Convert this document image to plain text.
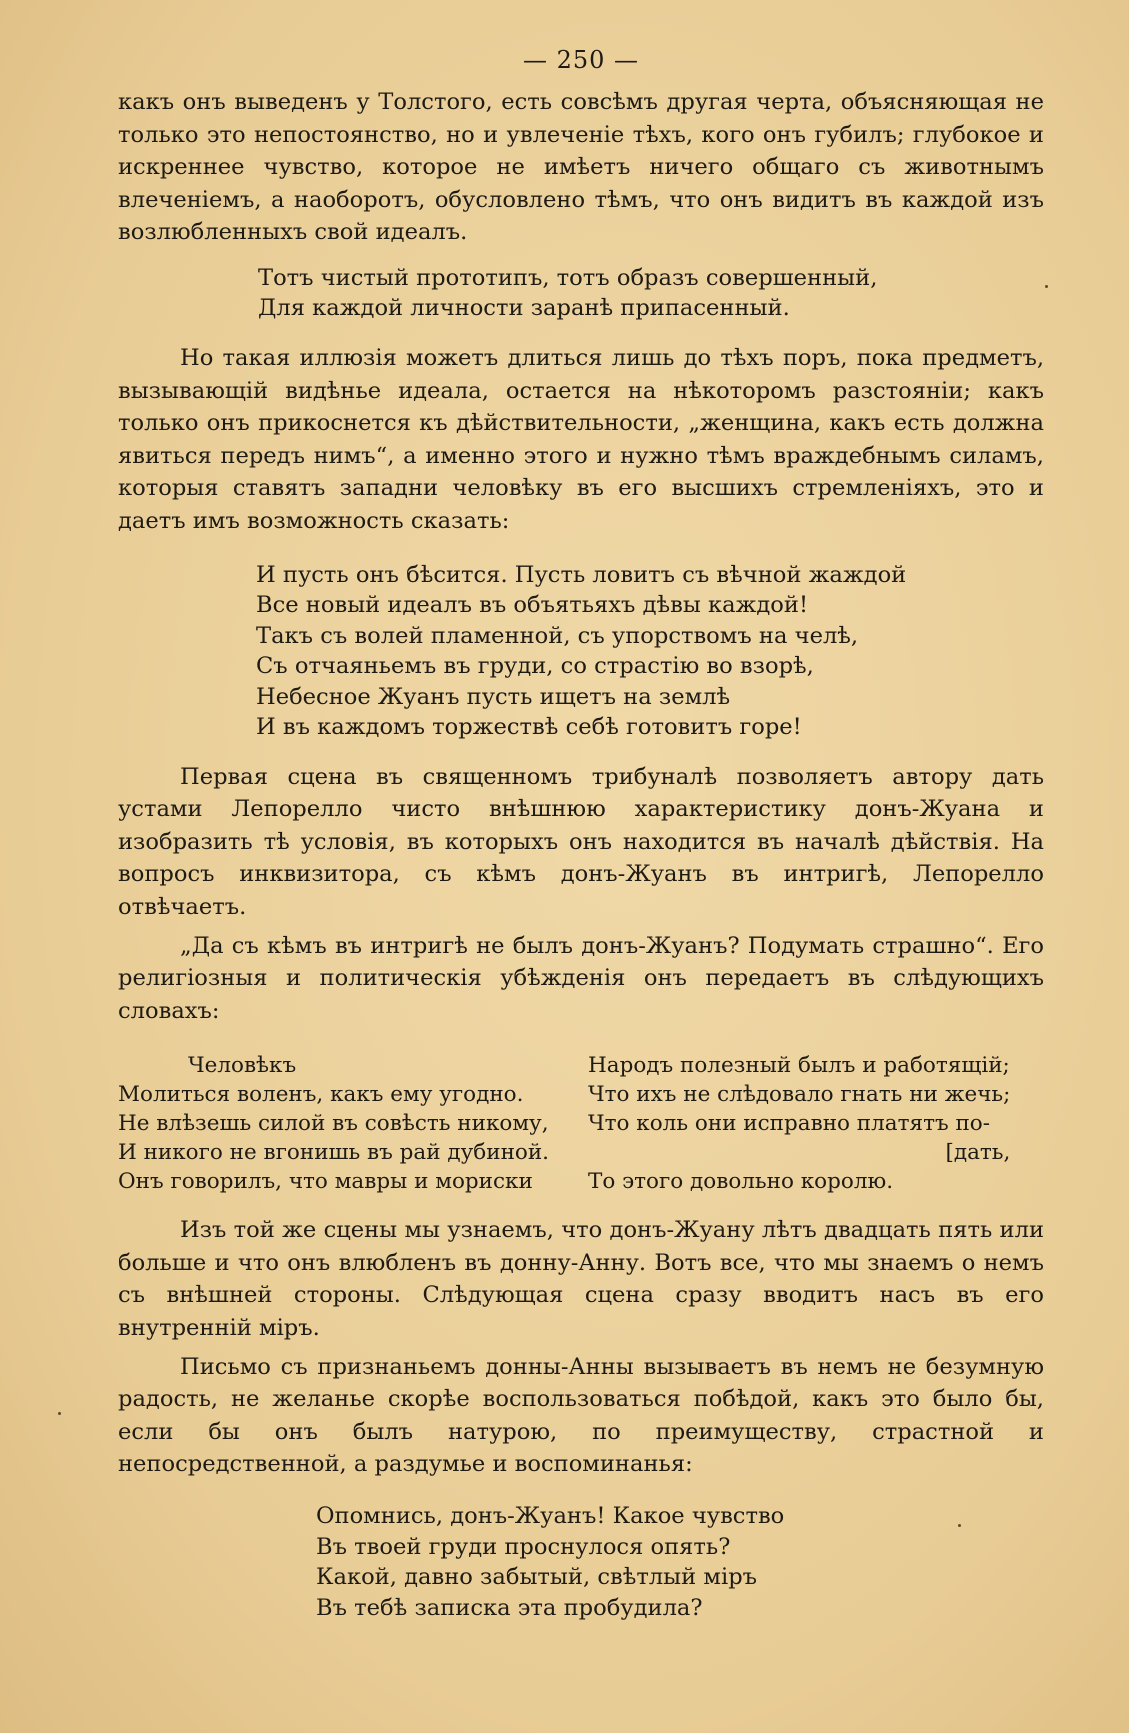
— 250 —

какъ онъ выведенъ у Толстого, есть совсѣмъ другая черта, объясняющая не только это непостоянство, но и увлеченіе тѣхъ, кого онъ губилъ; глубокое и искреннее чувство, которое не имѣетъ ничего общаго съ животнымъ влеченіемъ, а наоборотъ, обусловлено тѣмъ, что онъ видитъ въ каждой изъ возлюбленныхъ свой идеалъ.

Тотъ чистый прототипъ, тотъ образъ совершенный,
Для каждой личности заранѣ припасенный.

Но такая иллюзія можетъ длиться лишь до тѣхъ поръ, пока предметъ, вызывающій видѣнье идеала, остается на нѣкоторомъ разстояніи; какъ только онъ прикоснется къ дѣйствительности, „женщина, какъ есть должна явиться передъ нимъ“, а именно этого и нужно тѣмъ враждебнымъ силамъ, которыя ставятъ западни человѣку въ его высшихъ стремленіяхъ, это и даетъ имъ возможность сказать:

И пусть онъ бѣсится. Пусть ловитъ съ вѣчной жаждой
Все новый идеалъ въ объятьяхъ дѣвы каждой!
Такъ съ волей пламенной, съ упорствомъ на челѣ,
Съ отчаяньемъ въ груди, со страстію во взорѣ,
Небесное Жуанъ пусть ищетъ на землѣ
И въ каждомъ торжествѣ себѣ готовитъ горе!

Первая сцена въ священномъ трибуналѣ позволяетъ автору дать устами Лепорелло чисто внѣшнюю характеристику донъ-Жуана и изобразить тѣ условія, въ которыхъ онъ находится въ началѣ дѣйствія. На вопросъ инквизитора, съ кѣмъ донъ-Жуанъ въ интригѣ, Лепорелло отвѣчаетъ.

„Да съ кѣмъ въ интригѣ не былъ донъ-Жуанъ? Подумать страшно“. Его религіозныя и политическія убѣжденія онъ передаетъ въ слѣдующихъ словахъ:

Человѣкъ
Молиться воленъ, какъ ему угодно.
Не влѣзешь силой въ совѣсть никому,
И никого не вгонишь въ рай дубиной.
Онъ говорилъ, что мавры и мориски
Народъ полезный былъ и работящій;
Что ихъ не слѣдовало гнать ни жечь;
Что коль они исправно платятъ по-
[дать,
То этого довольно королю.

Изъ той же сцены мы узнаемъ, что донъ-Жуану лѣтъ двадцать пять или больше и что онъ влюбленъ въ донну-Анну. Вотъ все, что мы знаемъ о немъ съ внѣшней стороны. Слѣдующая сцена сразу вводитъ насъ въ его внутренній міръ.

Письмо съ признаньемъ донны-Анны вызываетъ въ немъ не безумную радость, не желанье скорѣе воспользоваться побѣдой, какъ это было бы, если бы онъ былъ натурою, по преимуществу, страстной и непосредственной, а раздумье и воспоминанья:

Опомнись, донъ-Жуанъ! Какое чувство
Въ твоей груди проснулося опять?
Какой, давно забытый, свѣтлый міръ
Въ тебѣ записка эта пробудила?
